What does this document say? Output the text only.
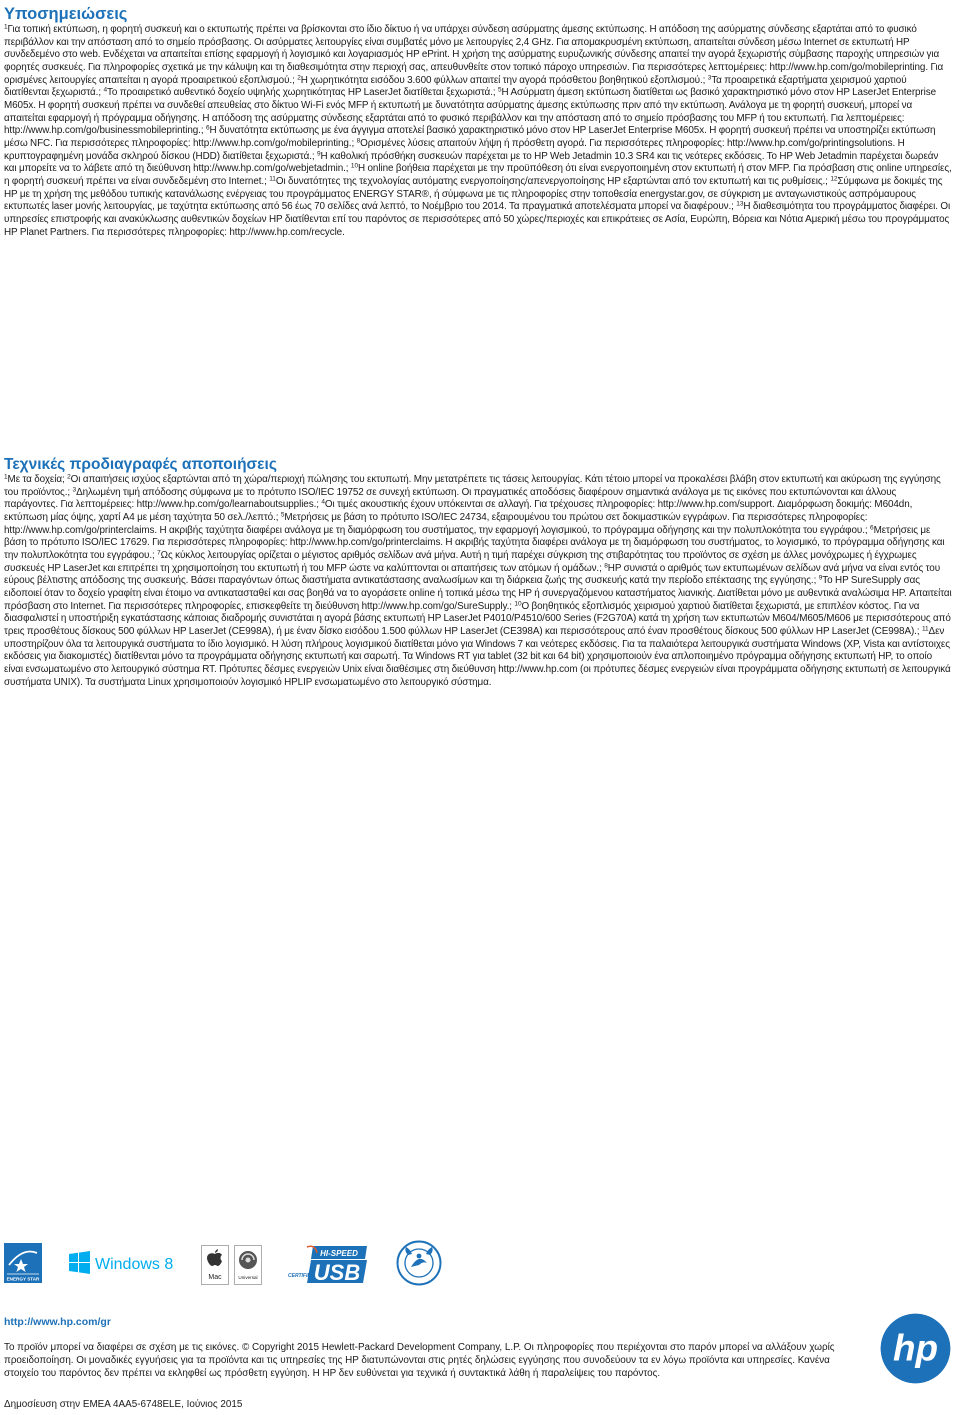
Υποσημειώσεις

$^1$Για τοπική εκτύπωση, η φορητή συσκευή και ο εκτυπωτής πρέπει να βρίσκονται στο ίδιο δίκτυο ή να υπάρχει σύνδεση ασύρματης άμεσης εκτύπωσης. Η απόδοση της ασύρματης σύνδεσης εξαρτάται από το φυσικό περιβάλλον και την απόσταση από το σημείο πρόσβασης. Οι ασύρματες λειτουργίες είναι συμβατές μόνο με λειτουργίες 2,4 GHz. Για απομακρυσμένη εκτύπωση, απαιτείται σύνδεση μέσω Internet σε εκτυπωτή HP συνδεδεμένο στο web. Ενδέχεται να απαιτείται επίσης εφαρμογή ή λογισμικό και λογαριασμός HP ePrint. Η χρήση της ασύρματης ευρυζωνικής σύνδεσης απαιτεί την αγορά ξεχωριστής σύμβασης παροχής υπηρεσιών για φορητές συσκευές. Για πληροφορίες σχετικά με την κάλυψη και τη διαθεσιμότητα στην περιοχή σας, απευθυνθείτε στον τοπικό πάροχο υπηρεσιών. Για περισσότερες λεπτομέρειες: http://www.hp.com/go/mobileprinting. Για ορισμένες λειτουργίες απαιτείται η αγορά προαιρετικού εξοπλισμού.; $^2$Η χωρητικότητα εισόδου 3.600 φύλλων απαιτεί την αγορά πρόσθετου βοηθητικού εξοπλισμού.; $^3$Τα προαιρετικά εξαρτήματα χειρισμού χαρτιού διατίθενται ξεχωριστά.; $^4$Το προαιρετικό αυθεντικό δοχείο υψηλής χωρητικότητας HP LaserJet διατίθεται ξεχωριστά.; $^5$Η Ασύρματη άμεση εκτύπωση διατίθεται ως βασικό χαρακτηριστικό μόνο στον HP LaserJet Enterprise M605x. Η φορητή συσκευή πρέπει να συνδεθεί απευθείας στο δίκτυο Wi-Fi ενός MFP ή εκτυπωτή με δυνατότητα ασύρματης άμεσης εκτύπωσης πριν από την εκτύπωση. Ανάλογα με τη φορητή συσκευή, μπορεί να απαιτείται εφαρμογή ή πρόγραμμα οδήγησης. Η απόδοση της ασύρματης σύνδεσης εξαρτάται από το φυσικό περιβάλλον και την απόσταση από το σημείο πρόσβασης του MFP ή του εκτυπωτή. Για λεπτομέρειες: http://www.hp.com/go/businessmobileprinting.; $^6$Η δυνατότητα εκτύπωσης με ένα άγγιγμα αποτελεί βασικό χαρακτηριστικό μόνο στον HP LaserJet Enterprise M605x. Η φορητή συσκευή πρέπει να υποστηρίζει εκτύπωση μέσω NFC. Για περισσότερες πληροφορίες: http://www.hp.com/go/mobileprinting.; $^8$Ορισμένες λύσεις απαιτούν λήψη ή πρόσθετη αγορά. Για περισσότερες πληροφορίες: http://www.hp.com/go/printingsolutions. Η κρυπτογραφημένη μονάδα σκληρού δίσκου (HDD) διατίθεται ξεχωριστά.; $^9$Η καθολική πρόσθήκη συσκευών παρέχεται με το HP Web Jetadmin 10.3 SR4 και τις νεότερες εκδόσεις. Το HP Web Jetadmin παρέχεται δωρεάν και μπορείτε να το λάβετε από τη διεύθυνση http://www.hp.com/go/webjetadmin.; $^{10}$Η online βοήθεια παρέχεται με την προϋπόθεση ότι είναι ενεργοποιημένη στον εκτυπωτή ή στον MFP. Για πρόσβαση στις online υπηρεσίες, η φορητή συσκευή πρέπει να είναι συνδεδεμένη στο Internet.; $^{11}$Οι δυνατότητες της τεχνολογίας αυτόματης ενεργοποίησης/απενεργοποίησης HP εξαρτώνται από τον εκτυπωτή και τις ρυθμίσεις.; $^{12}$Σύμφωνα με δοκιμές της HP με τη χρήση της μεθόδου τυπικής κατανάλωσης ενέργειας του προγράμματος ENERGY STAR®, ή σύμφωνα με τις πληροφορίες στην τοποθεσία energystar.gov, σε σύγκριση με ανταγωνιστικούς ασπρόμαυρους εκτυπωτές laser μονής λειτουργίας, με ταχύτητα εκτύπωσης από 56 έως 70 σελίδες ανά λεπτό, το Νοέμβριο του 2014. Τα πραγματικά αποτελέσματα μπορεί να διαφέρουν.; $^{13}$Η διαθεσιμότητα του προγράμματος διαφέρει. Οι υπηρεσίες επιστροφής και ανακύκλωσης αυθεντικών δοχείων HP διατίθενται επί του παρόντος σε περισσότερες από 50 χώρες/περιοχές και επικράτειες σε Ασία, Ευρώπη, Βόρεια και Νότια Αμερική μέσω του προγράμματος HP Planet Partners. Για περισσότερες πληροφορίες: http://www.hp.com/recycle.

Τεχνικές προδιαγραφές αποποιήσεις

$^1$Με τα δοχεία; $^2$Οι απαιτήσεις ισχύος εξαρτώνται από τη χώρα/περιοχή πώλησης του εκτυπωτή. Μην μετατρέπετε τις τάσεις λειτουργίας. Κάτι τέτοιο μπορεί να προκαλέσει βλάβη στον εκτυπωτή και ακύρωση της εγγύησης του προϊόντος.; $^3$Δηλωμένη τιμή απόδοσης σύμφωνα με το πρότυπο ISO/IEC 19752 σε συνεχή εκτύπωση. Οι πραγματικές αποδόσεις διαφέρουν σημαντικά ανάλογα με τις εικόνες που εκτυπώνονται και άλλους παράγοντες. Για λεπτομέρειες: http://www.hp.com/go/learnaboutsupplies.; $^4$Οι τιμές ακουστικής έχουν υπόκεινται σε αλλαγή. Για τρέχουσες πληροφορίες: http://www.hp.com/support. Διαμόρφωση δοκιμής: M604dn, εκτύπωση μίας όψης, χαρτί A4 με μέση ταχύτητα 50 σελ./λεπτό.; $^5$Μετρήσεις με βάση το πρότυπο ISO/IEC 24734, εξαιρουμένου του πρώτου σετ δοκιμαστικών εγγράφων. Για περισσότερες πληροφορίες: http://www.hp.com/go/printerclaims. Η ακριβής ταχύτητα διαφέρει ανάλογα με τη διαμόρφωση του συστήματος, την εφαρμογή λογισμικού, το πρόγραμμα οδήγησης και την πολυπλοκότητα του εγγράφου.; $^6$Μετρήσεις με βάση το πρότυπο ISO/IEC 17629. Για περισσότερες πληροφορίες: http://www.hp.com/go/printerclaims. Η ακριβής ταχύτητα διαφέρει ανάλογα με τη διαμόρφωση του συστήματος, το λογισμικό, το πρόγραμμα οδήγησης και την πολυπλοκότητα του εγγράφου.; $^7$Ως κύκλος λειτουργίας ορίζεται ο μέγιστος αριθμός σελίδων ανά μήνα. Αυτή η τιμή παρέχει σύγκριση της στιβαρότητας του προϊόντος σε σχέση με άλλες μονόχρωμες ή έγχρωμες συσκευές HP LaserJet και επιτρέπει τη χρησιμοποίηση του εκτυπωτή ή του MFP ώστε να καλύπτονται οι απαιτήσεις των ατόμων ή ομάδων.; $^8$HP συνιστά ο αριθμός των εκτυπωμένων σελίδων ανά μήνα να είναι εντός του εύρους βέλτιστης απόδοσης της συσκευής. Βάσει παραγόντων όπως διαστήματα αντικατάστασης αναλωσίμων και τη διάρκεια ζωής της συσκευής κατά την περίοδο επέκτασης της εγγύησης.; $^9$Το HP SureSupply σας ειδοποιεί όταν το δοχείο γραφίτη είναι έτοιμο να αντικατασταθεί και σας βοηθά να το αγοράσετε online ή τοπικά μέσω της HP ή συνεργαζόμενου καταστήματος λιανικής. Διατίθεται μόνο με αυθεντικά αναλώσιμα HP. Απαιτείται πρόσβαση στο Internet. Για περισσότερες πληροφορίες, επισκεφθείτε τη διεύθυνση http://www.hp.com/go/SureSupply.; $^{10}$Ο βοηθητικός εξοπλισμός χειρισμού χαρτιού διατίθεται ξεχωριστά, με επιπλέον κόστος. Για να διασφαλιστεί η υποστήριξη εγκατάστασης κάποιας διαδρομής συνιστάται η αγορά βάσης εκτυπωτή HP LaserJet P4010/P4510/600 Series (F2G70A) κατά τη χρήση των εκτυπωτών M604/M605/M606 με περισσότερους από τρεις προσθέτους δίσκους 500 φύλλων HP LaserJet (CE998A), ή με έναν δίσκο εισόδου 1.500 φύλλων HP LaserJet (CE398A) και περισσότερους από έναν προσθέτους δίσκους 500 φύλλων HP LaserJet (CE998A).; $^{11}$Δεν υποστηρίζουν όλα τα λειτουργικά συστήματα το ίδιο λογισμικό. Η λύση πλήρους λογισμικού διατίθεται μόνο για Windows 7 και νεότερες εκδόσεις. Για τα παλαιότερα λειτουργικά συστήματα Windows (XP, Vista και αντίστοιχες εκδόσεις για διακομιστές) διατίθενται μόνο τα προγράμματα οδήγησης εκτυπωτή και σαρωτή. Τα Windows RT για tablet (32 bit και 64 bit) χρησιμοποιούν ένα απλοποιημένο πρόγραμμα οδήγησης εκτυπωτή HP, το οποίο είναι ενσωματωμένο στο λειτουργικό σύστημα RT. Πρότυπες δέσμες ενεργειών Unix είναι διαθέσιμες στη διεύθυνση http://www.hp.com (οι πρότυπες δέσμες ενεργειών είναι προγράμματα οδήγησης εκτυπωτή σε λειτουργικά συστήματα UNIX). Τα συστήματα Linux χρησιμοποιούν λογισμικό HPLIP ενσωματωμένο στο λειτουργικό σύστημα.

ENERGY STAR
Windows 8
Mac	Universal
HI-SPEED
USB
CERTIFIED
http://www.hp.com/gr

Το προϊόν μπορεί να διαφέρει σε σχέση με τις εικόνες. © Copyright 2015 Hewlett-Packard Development Company, L.P. Οι πληροφορίες που περιέχονται στο παρόν μπορεί να αλλάξουν χωρίς προειδοποίηση. Οι μοναδικές εγγυήσεις για τα προϊόντα και τις υπηρεσίες της HP διατυπώνονται στις ρητές δηλώσεις εγγύησης που συνοδεύουν τα εν λόγω προϊόντα και υπηρεσίες. Κανένα στοιχείο του παρόντος δεν πρέπει να εκληφθεί ως πρόσθετη εγγύηση. Η HP δεν ευθύνεται για τεχνικά ή συντακτικά λάθη ή παραλείψεις του παρόντος.

Δημοσίευση στην EMEA 4AA5-6748ELE, Ιούνιος 2015
hp
